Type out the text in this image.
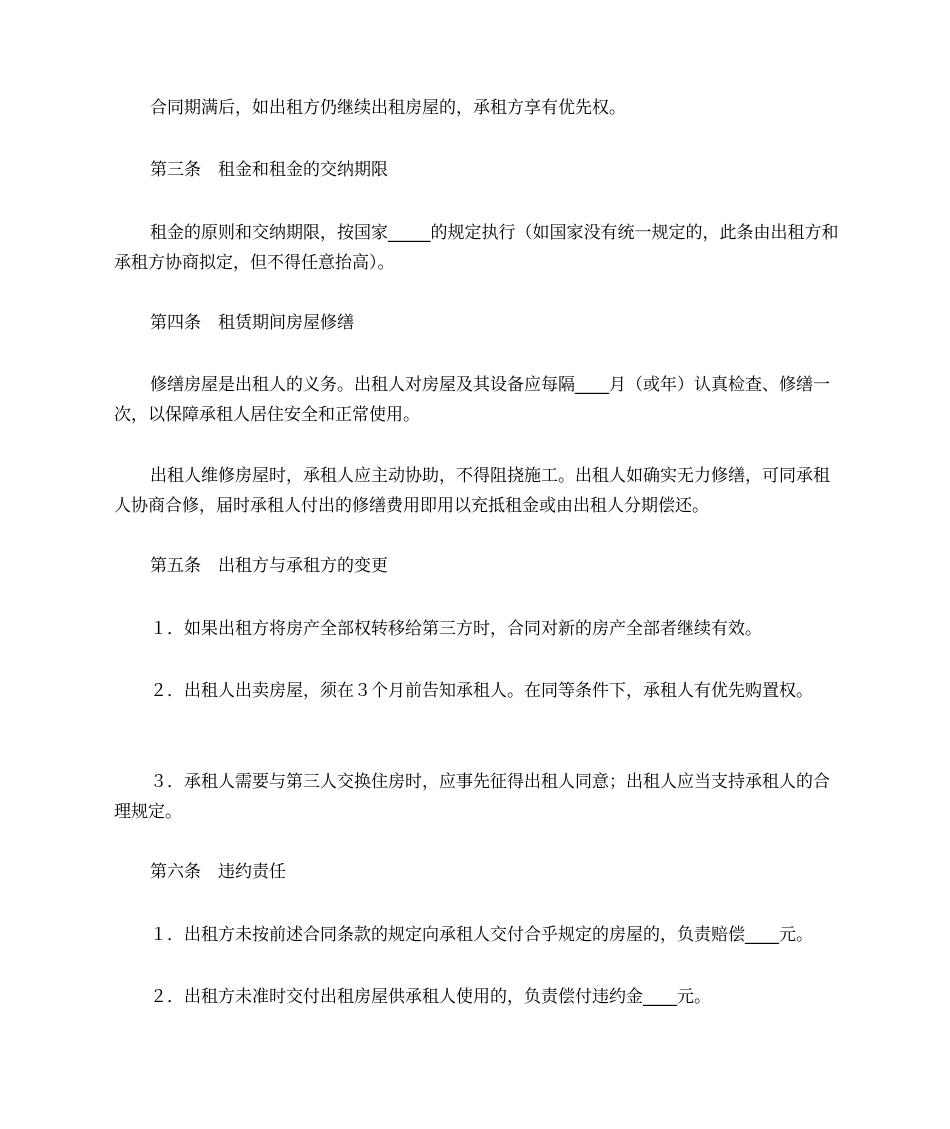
合同期满后，如出租方仍继续出租房屋的，承租方享有优先权。

第三条　租金和租金的交纳期限

租金的原则和交纳期限，按国家_____的规定执行（如国家没有统一规定的，此条由出租方和承租方协商拟定，但不得任意抬高）。

第四条　租赁期间房屋修缮

修缮房屋是出租人的义务。出租人对房屋及其设备应每隔____月（或年）认真检查、修缮一次，以保障承租人居住安全和正常使用。

出租人维修房屋时，承租人应主动协助，不得阻挠施工。出租人如确实无力修缮，可同承租人协商合修，届时承租人付出的修缮费用即用以充抵租金或由出租人分期偿还。

第五条　出租方与承租方的变更

１．如果出租方将房产全部权转移给第三方时，合同对新的房产全部者继续有效。

２．出租人出卖房屋，须在３个月前告知承租人。在同等条件下，承租人有优先购置权。

３．承租人需要与第三人交换住房时，应事先征得出租人同意；出租人应当支持承租人的合理规定。

第六条　违约责任

１．出租方未按前述合同条款的规定向承租人交付合乎规定的房屋的，负责赔偿____元。

２．出租方未准时交付出租房屋供承租人使用的，负责偿付违约金____元。
